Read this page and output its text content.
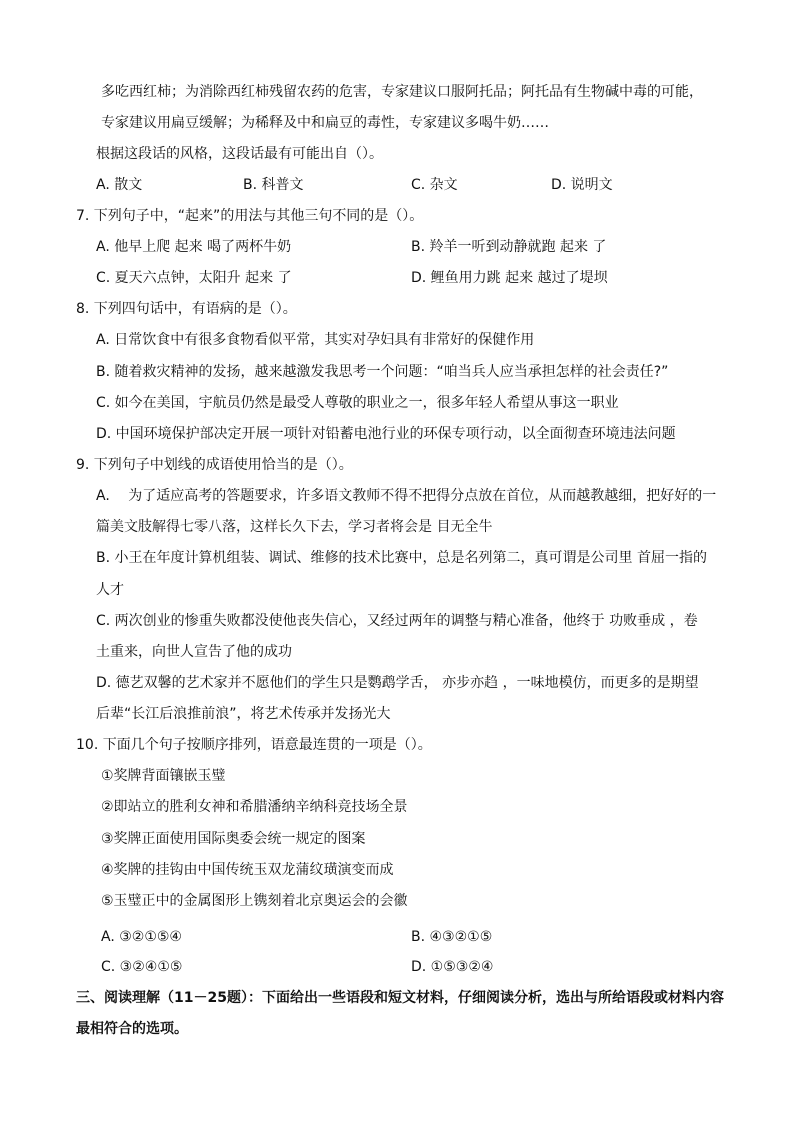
多吃西红柿；为消除西红柿残留农药的危害，专家建议口服阿托品；阿托品有生物碱中毒的可能，
专家建议用扁豆缓解；为稀释及中和扁豆的毒性，专家建议多喝牛奶……
根据这段话的风格，这段话最有可能出自（）。
A. 散文	B. 科普文	C. 杂文	D. 说明文
7. 下列句子中，“起来”的用法与其他三句不同的是（）。
A. 他早上爬 起来 喝了两杯牛奶	B. 羚羊一听到动静就跑 起来 了
C. 夏天六点钟，太阳升 起来 了	D. 鲤鱼用力跳 起来 越过了堤坝
8. 下列四句话中，有语病的是（）。
A. 日常饮食中有很多食物看似平常，其实对孕妇具有非常好的保健作用
B. 随着救灾精神的发扬，越来越激发我思考一个问题：“咱当兵人应当承担怎样的社会责任?”
C. 如今在美国，宇航员仍然是最受人尊敬的职业之一，很多年轻人希望从事这一职业
D. 中国环境保护部决定开展一项针对铅蓄电池行业的环保专项行动，以全面彻查环境违法问题
9. 下列句子中划线的成语使用恰当的是（）。
A.　 为了适应高考的答题要求，许多语文教师不得不把得分点放在首位，从而越教越细，把好好的一
篇美文肢解得七零八落，这样长久下去，学习者将会是 目无全牛
B. 小王在年度计算机组装、调试、维修的技术比赛中，总是名列第二，真可谓是公司里 首屈一指的
人才
C. 两次创业的惨重失败都没使他丧失信心，又经过两年的调整与精心准备，他终于 功败垂成 ，卷
土重来，向世人宣告了他的成功
D. 德艺双馨的艺术家并不愿他们的学生只是鹦鹉学舌， 亦步亦趋 ，一味地模仿，而更多的是期望
后辈“长江后浪推前浪”，将艺术传承并发扬光大
10. 下面几个句子按顺序排列，语意最连贯的一项是（）。
①奖牌背面镶嵌玉璧
②即站立的胜利女神和希腊潘纳辛纳科竞技场全景
③奖牌正面使用国际奥委会统一规定的图案
④奖牌的挂钩由中国传统玉双龙蒲纹璜演变而成
⑤玉璧正中的金属图形上镌刻着北京奥运会的会徽
A. ③②①⑤④	B. ④③②①⑤
C. ③②④①⑤	D. ①⑤③②④
三、阅读理解（11－25题）：下面给出一些语段和短文材料，仔细阅读分析，选出与所给语段或材料内容
最相符合的选项。
